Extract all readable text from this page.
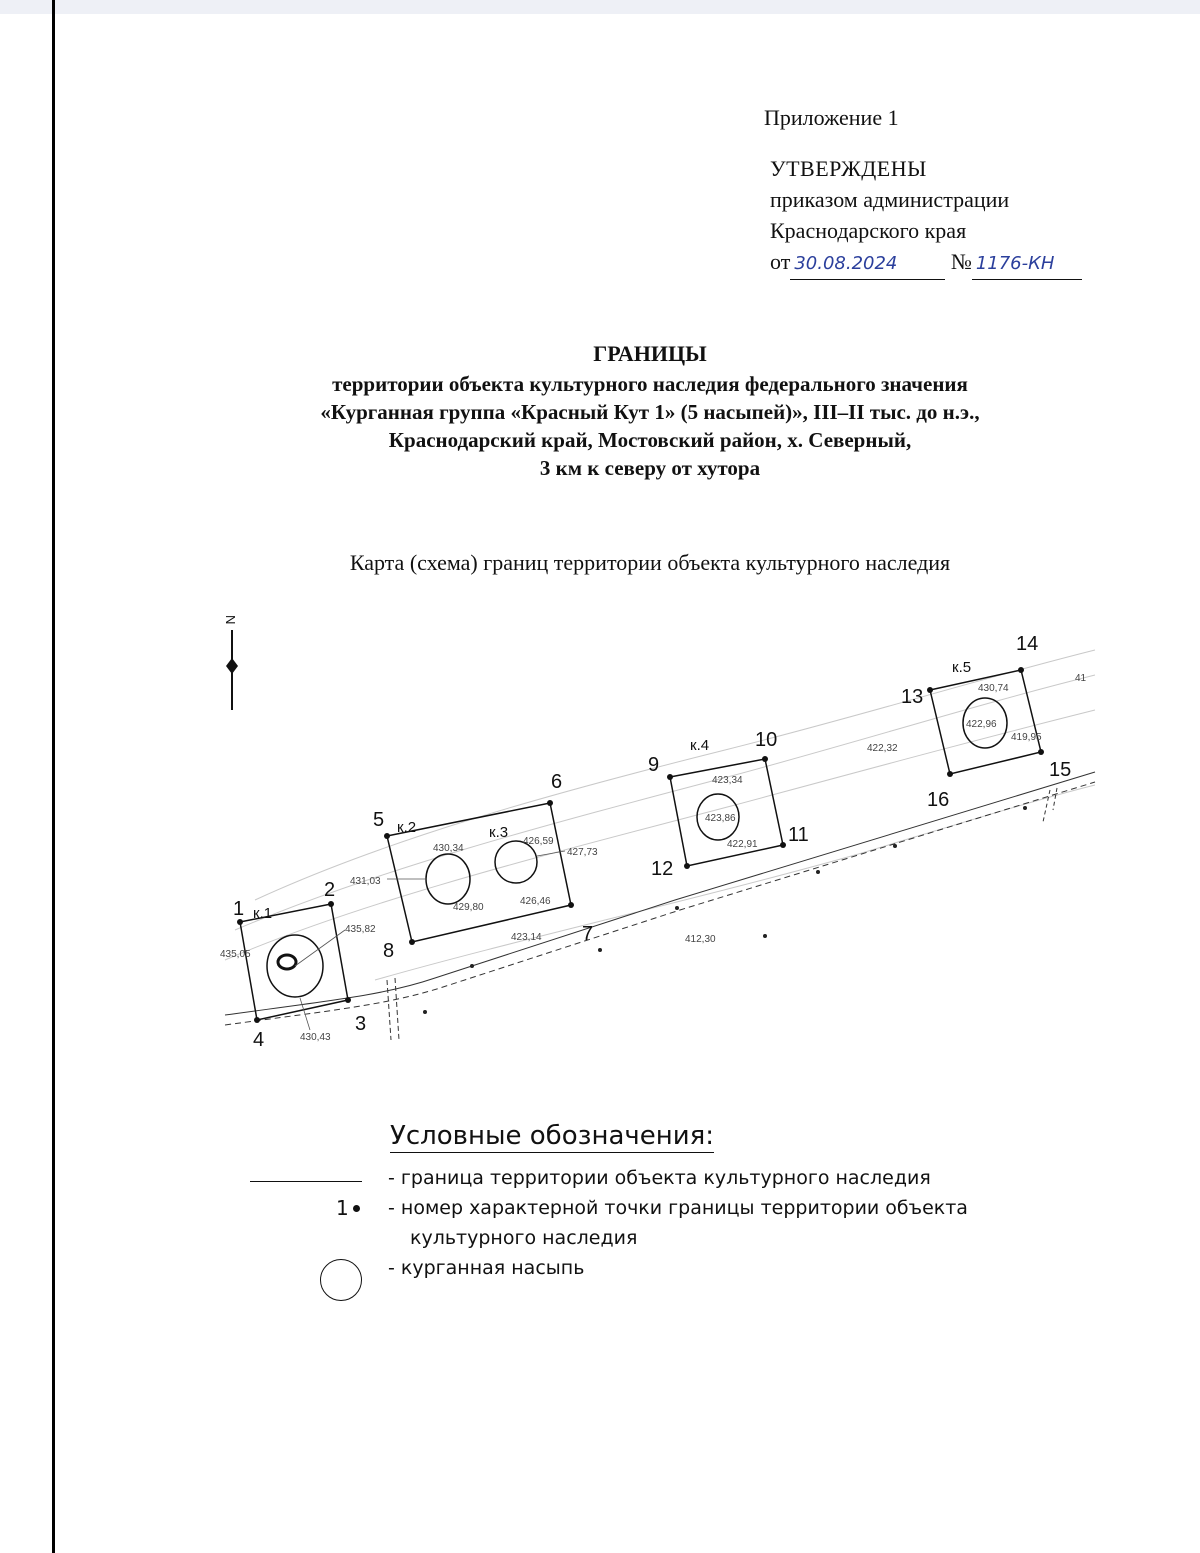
Приложение 1
УТВЕРЖДЕНЫ
приказом администрации
Краснодарского края
от 30.08.2024 № 1176-КН
ГРАНИЦЫ
территории объекта культурного наследия федерального значения
«Курганная группа «Красный Кут 1» (5 насыпей)», III–II тыс. до н.э.,
Краснодарский край, Мостовский район, х. Северный,
3 км к северу от хутора
Карта (схема) границ территории объекта культурного наследия
N
к.1
к.2	к.3
к.4
к.5
1
2
3
4
5
6
7
8
9
10
11
12
13
14
15
16
435,05
435,82
430,43
430,34
431,03
429,80
426,59
427,73
426,46
423,14	412,30
423,34
423,86
422,91
422,32
430,74
422,96
419,95
41
Условные обозначения:
- граница территории объекта культурного наследия
1 - номер характерной точки границы территории объекта
культурного наследия
- курганная насыпь
